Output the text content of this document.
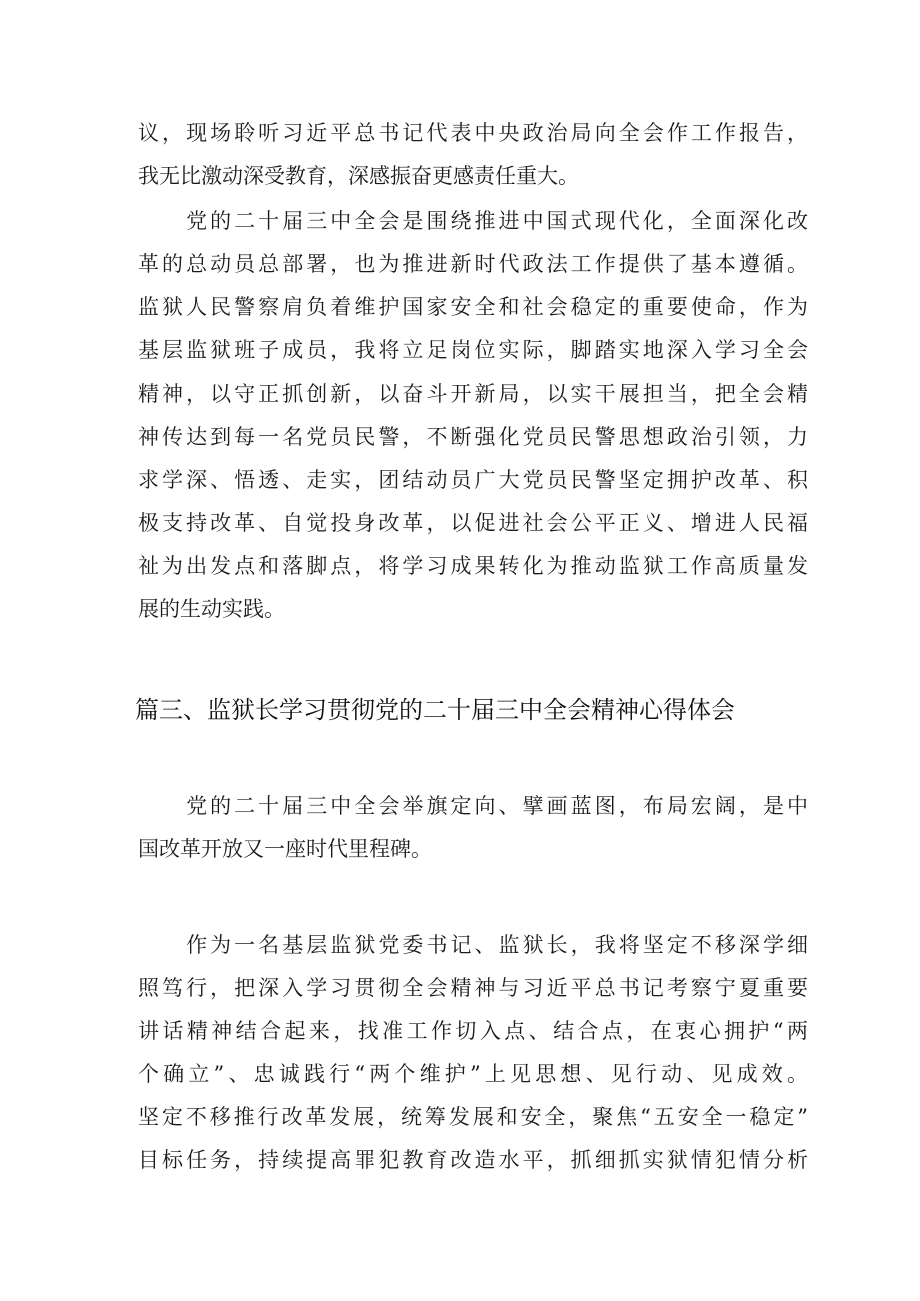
议，现场聆听习近平总书记代表中央政治局向全会作工作报告，

我无比激动深受教育，深感振奋更感责任重大。

　　党的二十届三中全会是围绕推进中国式现代化，全面深化改

革的总动员总部署，也为推进新时代政法工作提供了基本遵循。

监狱人民警察肩负着维护国家安全和社会稳定的重要使命，作为

基层监狱班子成员，我将立足岗位实际，脚踏实地深入学习全会

精神，以守正抓创新，以奋斗开新局，以实干展担当，把全会精

神传达到每一名党员民警，不断强化党员民警思想政治引领，力

求学深、悟透、走实，团结动员广大党员民警坚定拥护改革、积

极支持改革、自觉投身改革，以促进社会公平正义、增进人民福

祉为出发点和落脚点，将学习成果转化为推动监狱工作高质量发

展的生动实践。

篇三、监狱长学习贯彻党的二十届三中全会精神心得体会

　　党的二十届三中全会举旗定向、擘画蓝图，布局宏阔，是中

国改革开放又一座时代里程碑。

　　作为一名基层监狱党委书记、监狱长，我将坚定不移深学细

照笃行，把深入学习贯彻全会精神与习近平总书记考察宁夏重要

讲话精神结合起来，找准工作切入点、结合点，在衷心拥护“两

个确立”、忠诚践行“两个维护”上见思想、见行动、见成效。

坚定不移推行改革发展，统筹发展和安全，聚焦“五安全一稳定”

目标任务，持续提高罪犯教育改造水平，抓细抓实狱情犯情分析
